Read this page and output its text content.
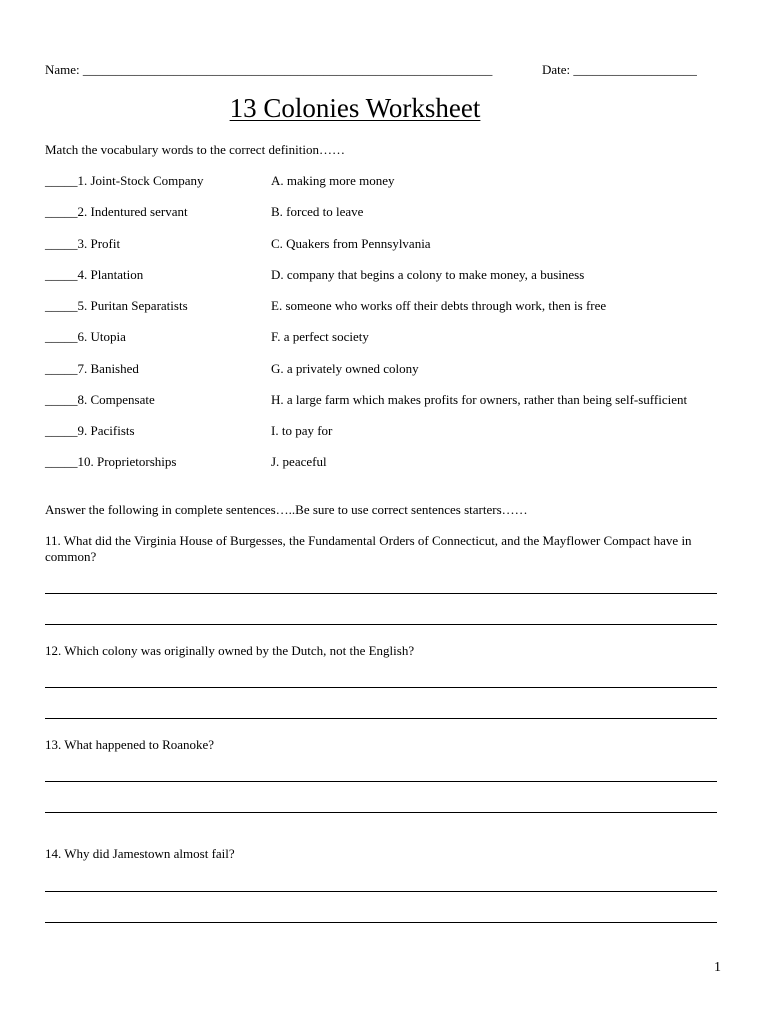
Name: _______________________________________________________________	Date: ___________________
13 Colonies Worksheet
Match the vocabulary words to the correct definition……
_____1. Joint-Stock Company
_____2. Indentured servant
_____3. Profit
_____4. Plantation
_____5. Puritan Separatists
_____6. Utopia
_____7. Banished
_____8. Compensate
_____9. Pacifists
_____10. Proprietorships
A. making more money
B. forced to leave
C. Quakers from Pennsylvania
D. company that begins a colony to make money, a business
E. someone who works off their debts through work, then is free
F. a perfect society
G. a privately owned colony
H. a large farm which makes profits for owners, rather than being self-sufficient
I. to pay for
J. peaceful
Answer the following in complete sentences…..Be sure to use correct sentences starters……
11. What did the Virginia House of Burgesses, the Fundamental Orders of Connecticut, and the Mayflower Compact have in common?
12. Which colony was originally owned by the Dutch, not the English?
13. What happened to Roanoke?
14. Why did Jamestown almost fail?
1
